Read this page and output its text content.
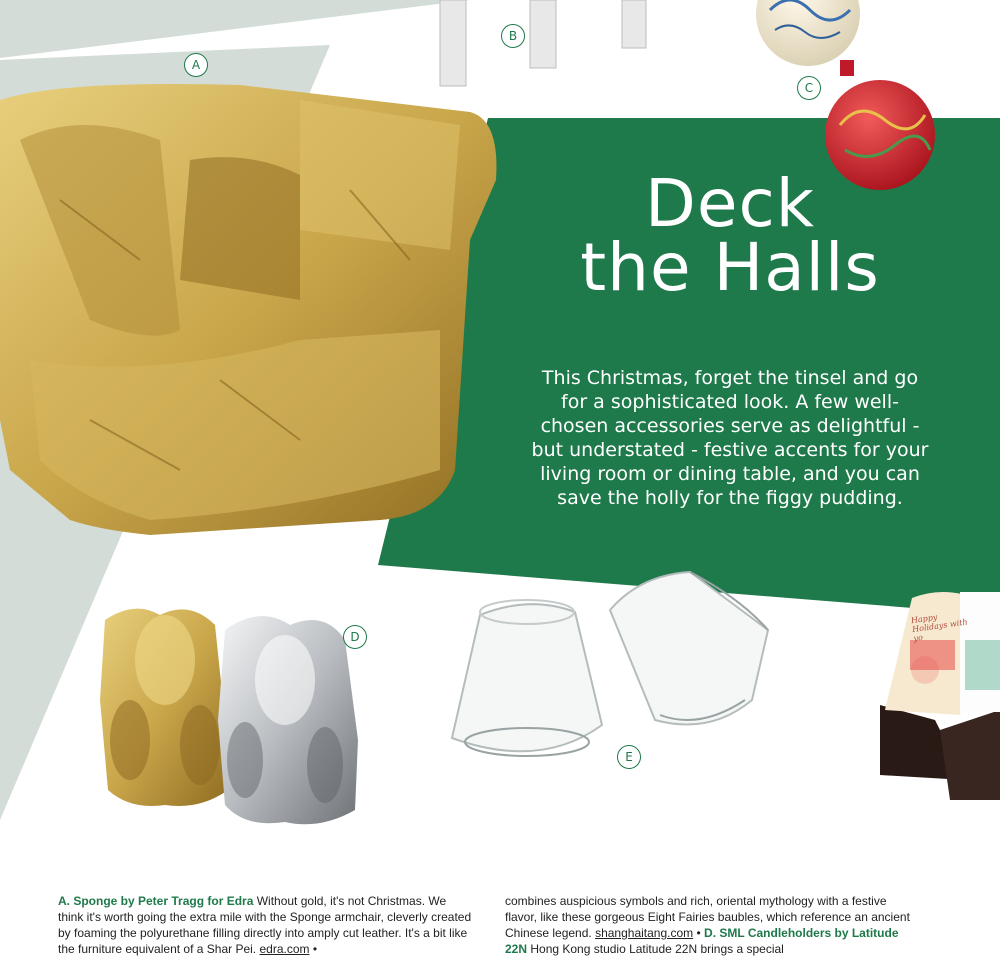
A
B
C
D
E
Happy Holidays with yo
Deck
the Halls

This Christmas, forget the tinsel and go for a sophisticated look. A few well-chosen accessories serve as delightful - but understated - festive accents for your living room or dining table, and you can save the holly for the figgy pudding.

A. Sponge by Peter Tragg for Edra Without gold, it's not Christmas. We think it's worth going the extra mile with the Sponge armchair, cleverly created by foaming the polyurethane filling directly into amply cut leather. It's a bit like the furniture equivalent of a Shar Pei. edra.com •

combines auspicious symbols and rich, oriental mythology with a festive flavor, like these gorgeous Eight Fairies baubles, which reference an ancient Chinese legend. shanghaitang.com • D. SML Candleholders by Latitude 22N Hong Kong studio Latitude 22N brings a special
